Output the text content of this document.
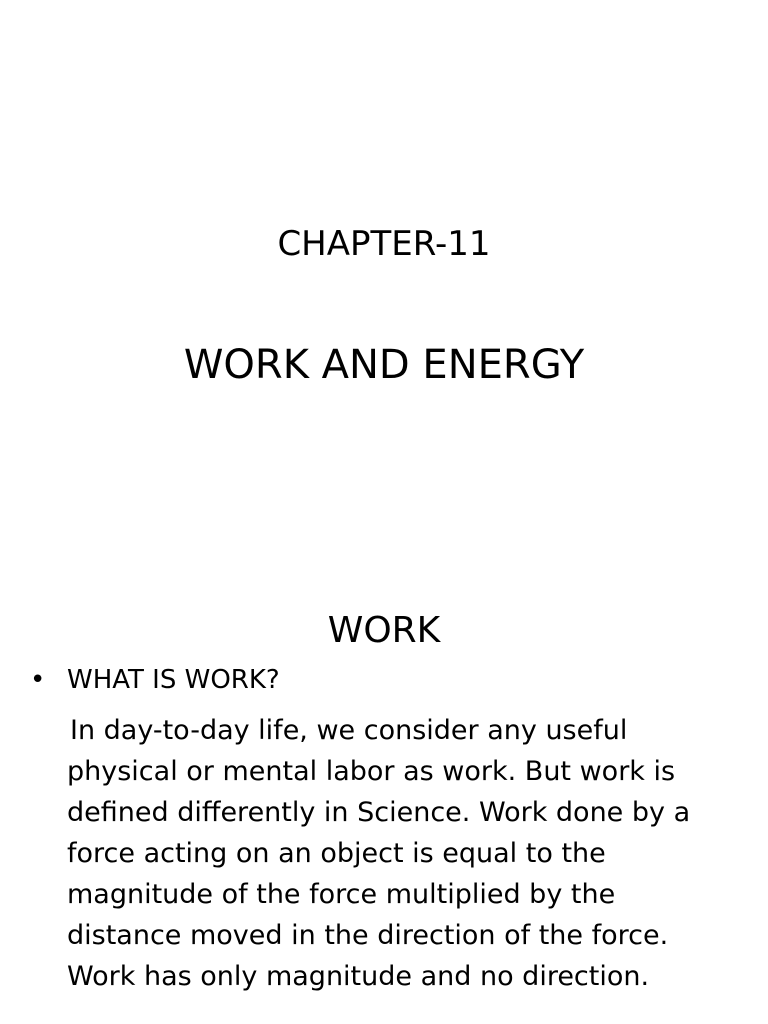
CHAPTER-11
WORK AND ENERGY
WORK
• WHAT IS WORK?

In day-to-day life, we consider any useful physical or mental labor as work. But work is defined differently in Science. Work done by a force acting on an object is equal to the magnitude of the force multiplied by the distance moved in the direction of the force. Work has only magnitude and no direction.
